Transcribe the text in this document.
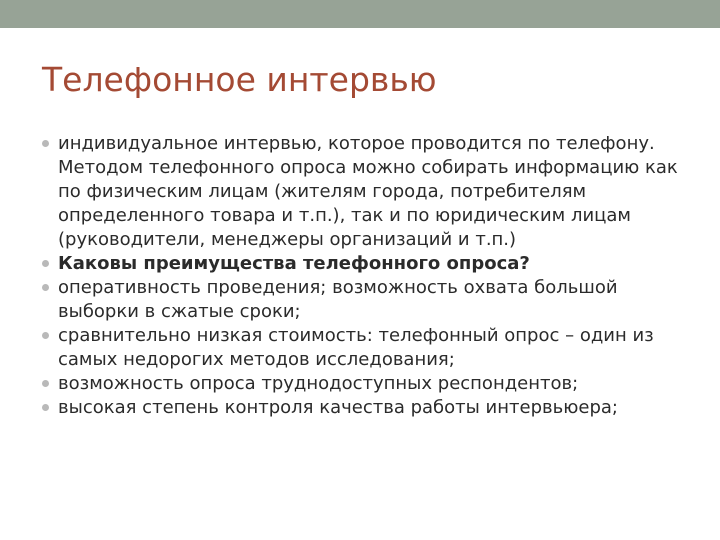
Телефонное интервью
индивидуальное интервью, которое проводится по телефону. Методом телефонного опроса можно собирать информацию как по физическим лицам (жителям города, потребителям определенного товара и т.п.), так и по юридическим лицам (руководители, менеджеры организаций и т.п.)
Каковы преимущества телефонного опроса?
оперативность проведения; возможность охвата большой выборки в сжатые сроки;
сравнительно низкая стоимость: телефонный опрос – один из самых недорогих методов исследования;
возможность опроса труднодоступных респондентов;
высокая степень контроля качества работы интервьюера;
